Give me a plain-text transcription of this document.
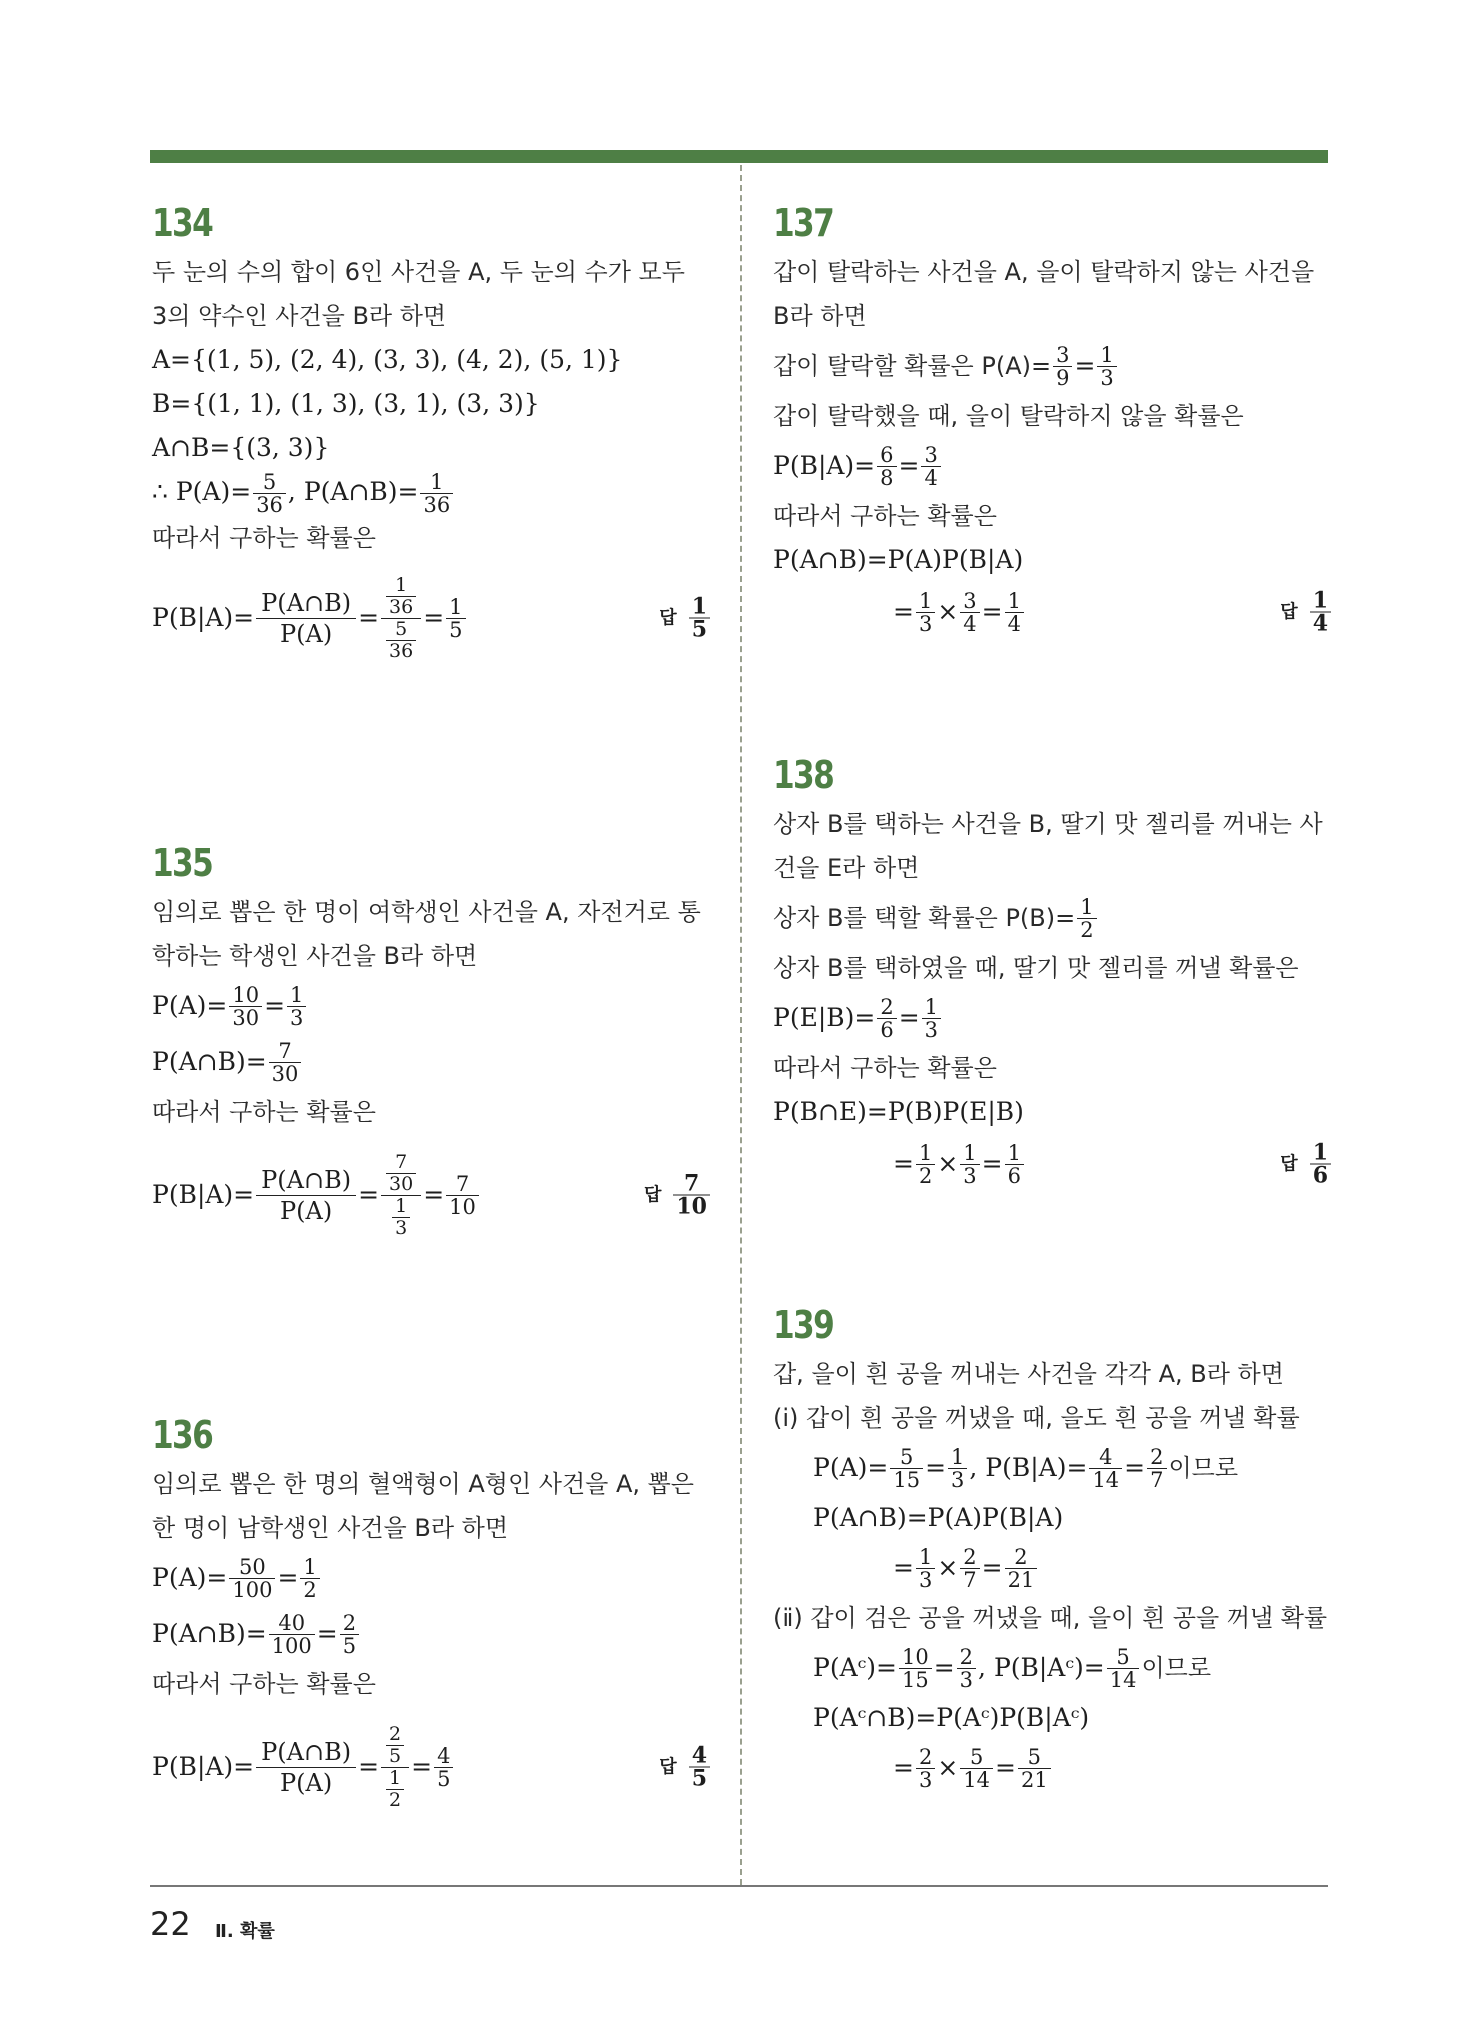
134
두 눈의 수의 합이 6인 사건을 A, 두 눈의 수가 모두
3의 약수인 사건을 B라 하면
A={(1, 5), (2, 4), (3, 3), (4, 2), (5, 1)}
B={(1, 1), (1, 3), (3, 1), (3, 3)}
A∩B={(3, 3)}
∴ $P(A)= \frac{5}{36}$ , P(A∩B)= $\frac{1}{36}$
따라서 구하는 확률은
$P(B|A)= \frac{P(A\cap B)}{P(A)} = \frac{\frac{1}{36}}{\frac{5}{36}} = \frac{1}{5}$	답 $\frac{1}{5}$
135
임의로 뽑은 한 명이 여학생인 사건을 A, 자전거로 통
학하는 학생인 사건을 B라 하면
$P(A)= \frac{10}{30} = \frac{1}{3}$
P(A∩B)= $\frac{7}{30}$
따라서 구하는 확률은
$P(B|A)= \frac{P(A\cap B)}{P(A)} = \frac{\frac{7}{30}}{\frac{1}{3}} = \frac{7}{10}$	답 $\frac{7}{10}$
136
임의로 뽑은 한 명의 혈액형이 A형인 사건을 A, 뽑은
한 명이 남학생인 사건을 B라 하면
$P(A)= \frac{50}{100} = \frac{1}{2}$
P(A∩B)= $\frac{40}{100} = \frac{2}{5}$
따라서 구하는 확률은
$P(B|A)= \frac{P(A\cap B)}{P(A)} = \frac{\frac{2}{5}}{\frac{1}{2}} = \frac{4}{5}$	답 $\frac{4}{5}$
137
갑이 탈락하는 사건을 A, 을이 탈락하지 않는 사건을
B라 하면
갑이 탈락할 확률은 $P(A)= \frac{3}{9} = \frac{1}{3}$
갑이 탈락했을 때, 을이 탈락하지 않을 확률은
$P(B|A)= \frac{6}{8} = \frac{3}{4}$
따라서 구하는 확률은
P(A∩B)=P(A)P(B|A)
= $\frac{1}{3} \times \frac{3}{4} = \frac{1}{4}$	답 $\frac{1}{4}$
138
상자 B를 택하는 사건을 B, 딸기 맛 젤리를 꺼내는 사
건을 E라 하면
상자 B를 택할 확률은 $P(B)= \frac{1}{2}$
상자 B를 택하였을 때, 딸기 맛 젤리를 꺼낼 확률은
$P(E|B)= \frac{2}{6} = \frac{1}{3}$
따라서 구하는 확률은
P(B∩E)=P(B)P(E|B)
= $\frac{1}{2} \times \frac{1}{3} = \frac{1}{6}$	답 $\frac{1}{6}$
139
갑, 을이 흰 공을 꺼내는 사건을 각각 A, B라 하면
(ⅰ) 갑이 흰 공을 꺼냈을 때, 을도 흰 공을 꺼낼 확률
$P(A)= \frac{5}{15} = \frac{1}{3}$ , $P(B|A)= \frac{4}{14} = \frac{2}{7}$ 이므로
P(A∩B)=P(A)P(B|A)
= $\frac{1}{3} \times \frac{2}{7} = \frac{2}{21}$
(ⅱ) 갑이 검은 공을 꺼냈을 때, 을이 흰 공을 꺼낼 확률
P(Aᶜ)= $\frac{10}{15} = \frac{2}{3}$ , P(B|Aᶜ)= $\frac{5}{14}$ 이므로
P(Aᶜ∩B)=P(Aᶜ)P(B|Aᶜ)
= $\frac{2}{3} \times \frac{5}{14} = \frac{5}{21}$
22 Ⅱ. 확률
